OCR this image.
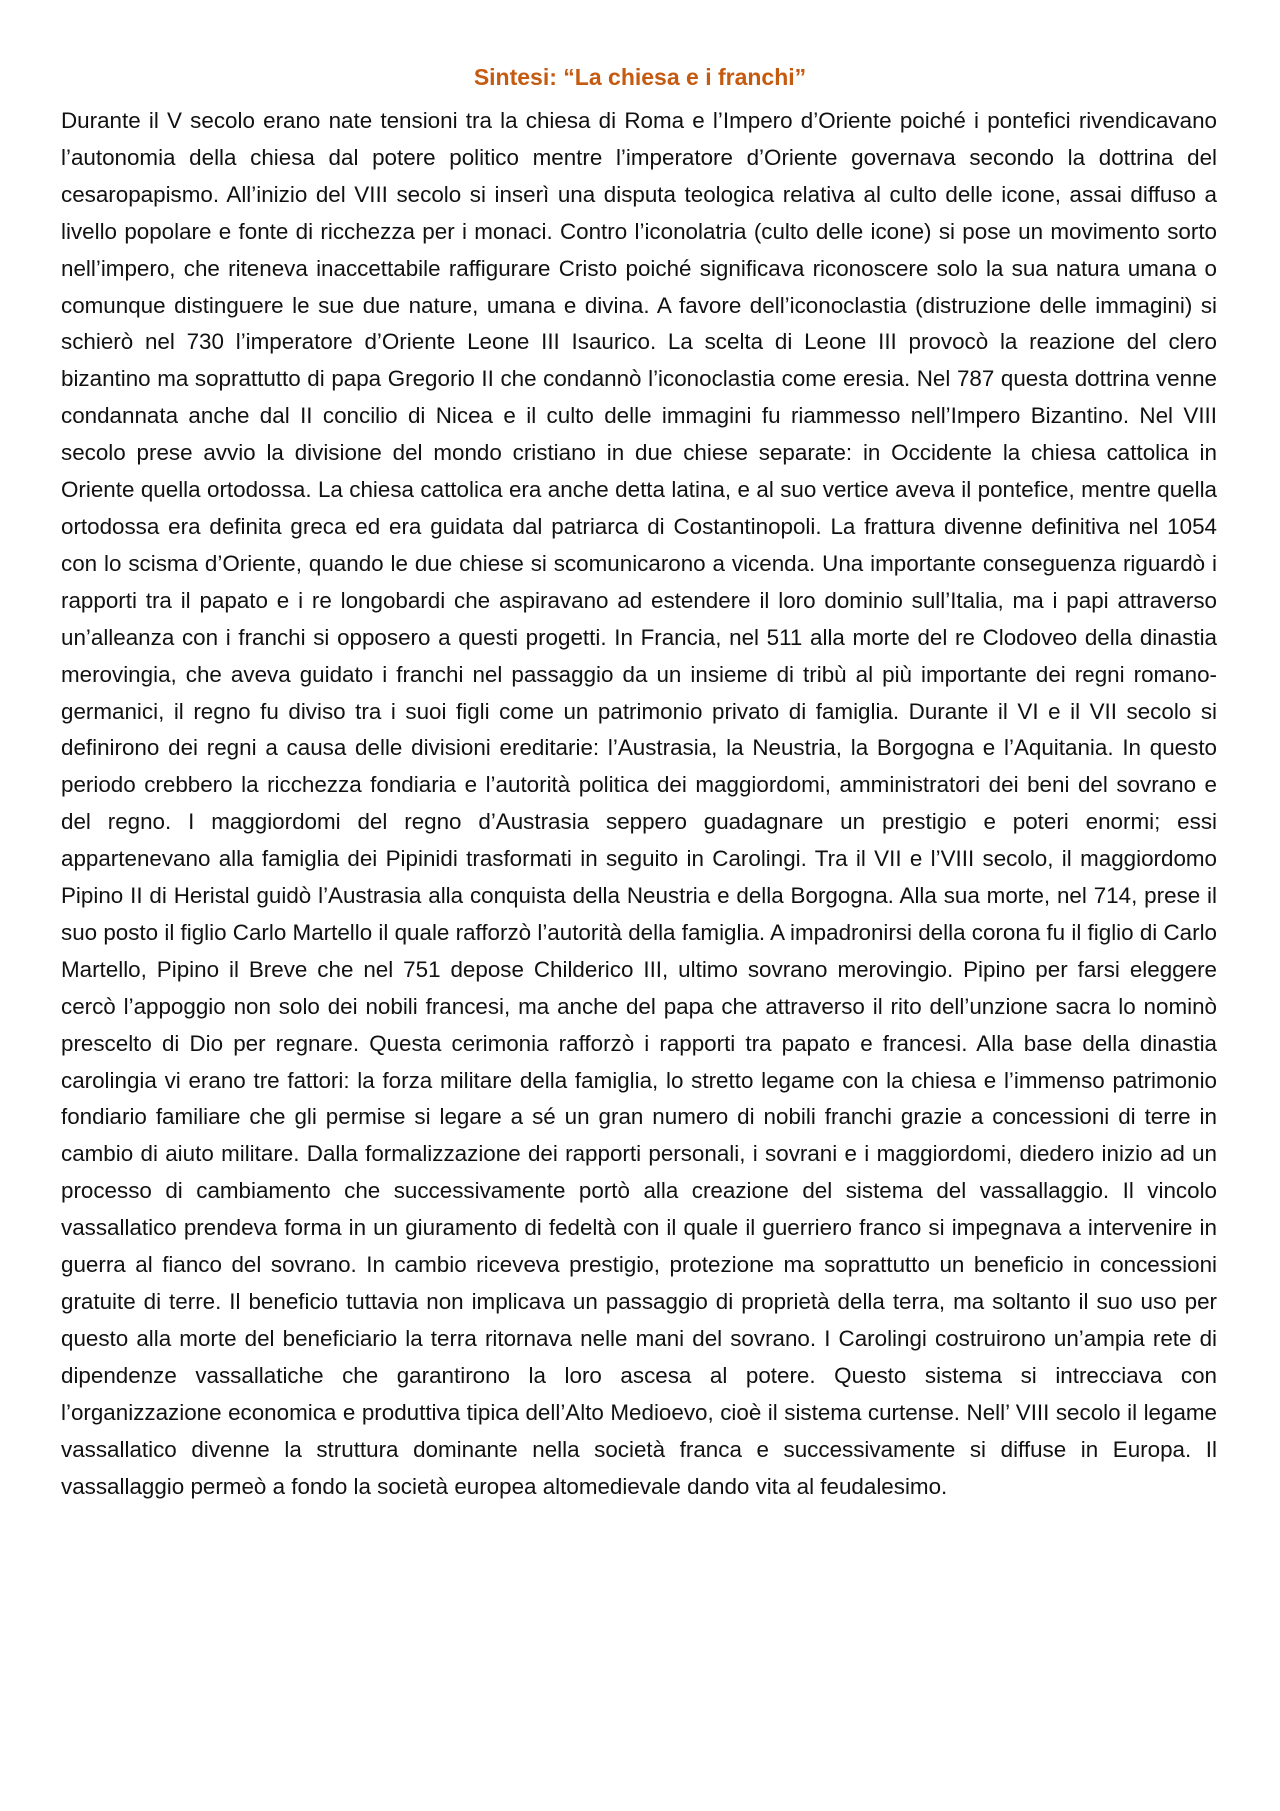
Sintesi: “La chiesa e i franchi”

Durante il V secolo erano nate tensioni tra la chiesa di Roma e l’Impero d’Oriente poiché i pontefici rivendicavano l’autonomia della chiesa dal potere politico mentre l’imperatore d’Oriente governava secondo la dottrina del cesaropapismo. All’inizio del VIII secolo si inserì una disputa teologica relativa al culto delle icone, assai diffuso a livello popolare e fonte di ricchezza per i monaci. Contro l’iconolatria (culto delle icone) si pose un movimento sorto nell’impero, che riteneva inaccettabile raffigurare Cristo poiché significava riconoscere solo la sua natura umana o comunque distinguere le sue due nature, umana e divina. A favore dell’iconoclastia (distruzione delle immagini) si schierò nel 730 l’imperatore d’Oriente Leone III Isaurico. La scelta di Leone III provocò la reazione del clero bizantino ma soprattutto di papa Gregorio II che condannò l’iconoclastia come eresia. Nel 787 questa dottrina venne condannata anche dal II concilio di Nicea e il culto delle immagini fu riammesso nell’Impero Bizantino. Nel VIII secolo prese avvio la divisione del mondo cristiano in due chiese separate: in Occidente la chiesa cattolica in Oriente quella ortodossa. La chiesa cattolica era anche detta latina, e al suo vertice aveva il pontefice, mentre quella ortodossa era definita greca ed era guidata dal patriarca di Costantinopoli. La frattura divenne definitiva nel 1054 con lo scisma d’Oriente, quando le due chiese si scomunicarono a vicenda. Una importante conseguenza riguardò i rapporti tra il papato e i re longobardi che aspiravano ad estendere il loro dominio sull’Italia, ma i papi attraverso un’alleanza con i franchi si opposero a questi progetti. In Francia, nel 511 alla morte del re Clodoveo della dinastia merovingia, che aveva guidato i franchi nel passaggio da un insieme di tribù al più importante dei regni romano-germanici, il regno fu diviso tra i suoi figli come un patrimonio privato di famiglia. Durante il VI e il VII secolo si definirono dei regni a causa delle divisioni ereditarie: l’Austrasia, la Neustria, la Borgogna e l’Aquitania. In questo periodo crebbero la ricchezza fondiaria e l’autorità politica dei maggiordomi, amministratori dei beni del sovrano e del regno. I maggiordomi del regno d’Austrasia seppero guadagnare un prestigio e poteri enormi; essi appartenevano alla famiglia dei Pipinidi trasformati in seguito in Carolingi. Tra il VII e l’VIII secolo, il maggiordomo Pipino II di Heristal guidò l’Austrasia alla conquista della Neustria e della Borgogna. Alla sua morte, nel 714, prese il suo posto il figlio Carlo Martello il quale rafforzò l’autorità della famiglia. A impadronirsi della corona fu il figlio di Carlo Martello, Pipino il Breve che nel 751 depose Childerico III, ultimo sovrano merovingio. Pipino per farsi eleggere cercò l’appoggio non solo dei nobili francesi, ma anche del papa che attraverso il rito dell’unzione sacra lo nominò prescelto di Dio per regnare. Questa cerimonia rafforzò i rapporti tra papato e francesi. Alla base della dinastia carolingia vi erano tre fattori: la forza militare della famiglia, lo stretto legame con la chiesa e l’immenso patrimonio fondiario familiare che gli permise si legare a sé un gran numero di nobili franchi grazie a concessioni di terre in cambio di aiuto militare. Dalla formalizzazione dei rapporti personali, i sovrani e i maggiordomi, diedero inizio ad un processo di cambiamento che successivamente portò alla creazione del sistema del vassallaggio. Il vincolo vassallatico prendeva forma in un giuramento di fedeltà con il quale il guerriero franco si impegnava a intervenire in guerra al fianco del sovrano. In cambio riceveva prestigio, protezione ma soprattutto un beneficio in concessioni gratuite di terre. Il beneficio tuttavia non implicava un passaggio di proprietà della terra, ma soltanto il suo uso per questo alla morte del beneficiario la terra ritornava nelle mani del sovrano. I Carolingi costruirono un’ampia rete di dipendenze vassallatiche che garantirono la loro ascesa al potere. Questo sistema si intrecciava con l’organizzazione economica e produttiva tipica dell’Alto Medioevo, cioè il sistema curtense. Nell’ VIII secolo il legame vassallatico divenne la struttura dominante nella società franca e successivamente si diffuse in Europa. Il vassallaggio permeò a fondo la società europea altomedievale dando vita al feudalesimo.
